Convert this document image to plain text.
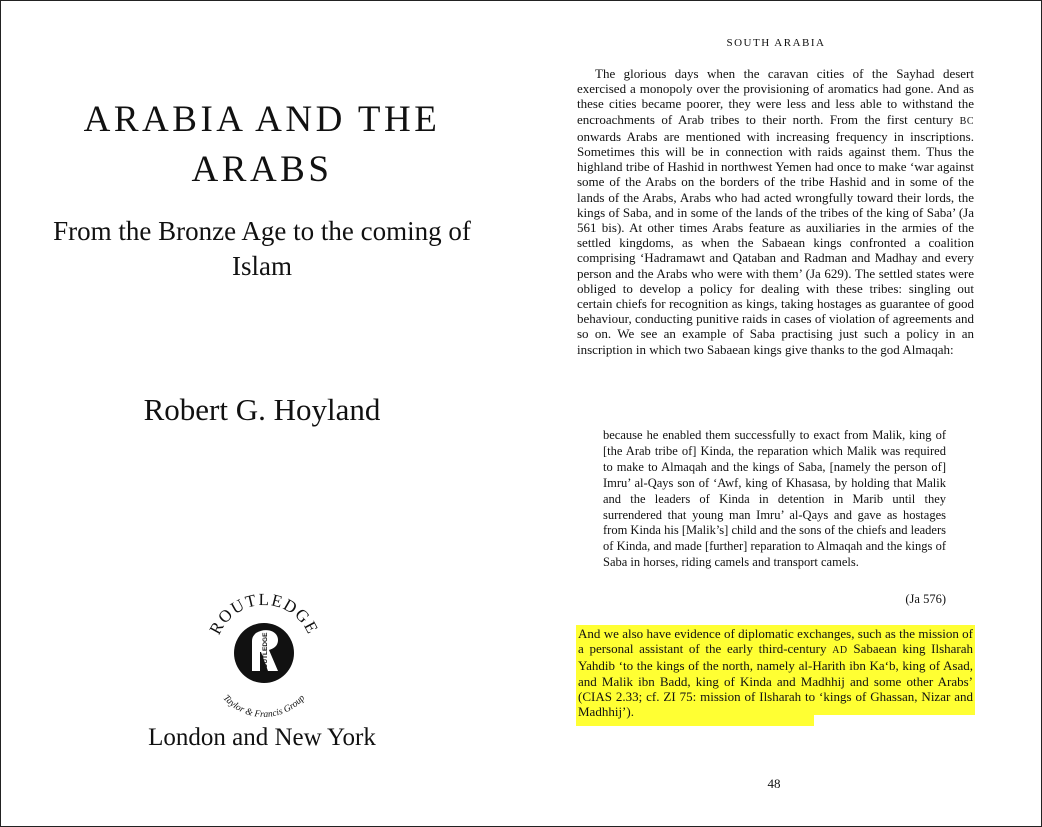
ARABIA AND THE ARABS

From the Bronze Age to the coming of Islam

Robert G. Hoyland

ROUTLEDGE
ROUTLEDGE
Taylor & Francis Group
London and New York
SOUTH ARABIA

The glorious days when the caravan cities of the Sayhad desert exercised a monopoly over the provisioning of aromatics had gone. And as these cities became poorer, they were less and less able to withstand the encroachments of Arab tribes to their north. From the first century BC onwards Arabs are mentioned with increasing frequency in inscriptions. Sometimes this will be in connection with raids against them. Thus the highland tribe of Hashid in northwest Yemen had once to make ‘war against some of the Arabs on the borders of the tribe Hashid and in some of the lands of the Arabs, Arabs who had acted wrongfully toward their lords, the kings of Saba, and in some of the lands of the tribes of the king of Saba’ (Ja 561 bis). At other times Arabs feature as auxiliaries in the armies of the settled kingdoms, as when the Sabaean kings confronted a coalition comprising ‘Hadramawt and Qataban and Radman and Madhay and every person and the Arabs who were with them’ (Ja 629). The settled states were obliged to develop a policy for dealing with these tribes: singling out certain chiefs for recognition as kings, taking hostages as guarantee of good behaviour, conducting punitive raids in cases of violation of agreements and so on. We see an example of Saba practising just such a policy in an inscription in which two Sabaean kings give thanks to the god Almaqah:

because he enabled them successfully to exact from Malik, king of [the Arab tribe of] Kinda, the reparation which Malik was required to make to Almaqah and the kings of Saba, [namely the person of] Imru’ al-Qays son of ‘Awf, king of Khasasa, by holding that Malik and the leaders of Kinda in detention in Marib until they surrendered that young man Imru’ al-Qays and gave as hostages from Kinda his [Malik’s] child and the sons of the chiefs and leaders of Kinda, and made [further] reparation to Almaqah and the kings of Saba in horses, riding camels and transport camels.

(Ja 576)

And we also have evidence of diplomatic exchanges, such as the mission of a personal assistant of the early third-century AD Sabaean king Ilsharah Yahdib ‘to the kings of the north, namely al-Harith ibn Ka‘b, king of Asad, and Malik ibn Badd, king of Kinda and Madhhij and some other Arabs’ (CIAS 2.33; cf. ZI 75: mission of Ilsharah to ‘kings of Ghassan, Nizar and Madhhij’).

48
